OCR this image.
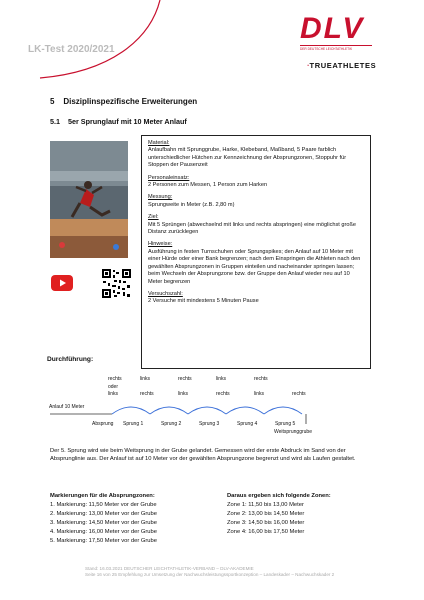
LK-Test 2020/2021
DLV
DER DEUTSCHE LEICHTATHLETIK
ᐧTRUEATHLETES
5 Disziplinspezifische Erweiterungen
5.1 5er Sprunglauf mit 10 Meter Anlauf
Material:
Anlaufbahn mit Sprunggrube, Harke, Klebeband, Maßband, 5 Paare farblich unterschiedlicher Hütchen zur Kennzeichnung der Absprungzonen, Stoppuhr für Stoppen der Pausenzeit
Personaleinsatz:
2 Personen zum Messen, 1 Person zum Harken
Messung:
Sprungweite in Meter (z.B. 2,80 m)
Ziel:
Mit 5 Sprüngen (abwechselnd mit links und rechts abspringen) eine möglichst große Distanz zurücklegen
Hinweise:
Ausführung in festen Turnschuhen oder Sprungspikes; den Anlauf auf 10 Meter mit einer Hürde oder einer Bank begrenzen; nach dem Einspringen die Athleten nach den gewählten Absprungzonen in Gruppen einteilen und nacheinander springen lassen; beim Wechseln der Absprungzone bzw. der Gruppe den Anlauf wieder neu auf 10 Meter begrenzen
Versuchszahl:
2 Versuche mit mindestens 5 Minuten Pause
Durchführung:
rechts	links	rechts	links	rechts
oder
links	rechts	links	rechts	links	rechts
Anlauf 10 Meter
Absprung Sprung 1	Sprung 2	Sprung 3	Sprung 4	Sprung 5
Weitsprunggrube
Der 5. Sprung wird wie beim Weitsprung in der Grube gelandet. Gemessen wird der erste Abdruck im Sand von der Absprunglinie aus. Der Anlauf ist auf 10 Meter vor der gewählten Absprungzone begrenzt und wird als Laufen gestaltet.
Markierungen für die Absprungzonen:
1. Markierung: 11,50 Meter vor der Grube
2. Markierung: 13,00 Meter vor der Grube
3. Markierung: 14,50 Meter vor der Grube
4. Markierung: 16,00 Meter vor der Grube
5. Markierung: 17,50 Meter vor der Grube
Daraus ergeben sich folgende Zonen:
Zone 1: 11,50 bis 13,00 Meter
Zone 2: 13,00 bis 14,50 Meter
Zone 3: 14,50 bis 16,00 Meter
Zone 4: 16,00 bis 17,50 Meter
Stand: 16.03.2021 DEUTSCHER LEICHTATHLETIK-VERBAND – DLV-AKADEMIE
Seite 16 von 25 Empfehlung zur Umsetzung der Nachwuchsleistungssportkonzeption – Landeskader – Nachwuchskader 2
